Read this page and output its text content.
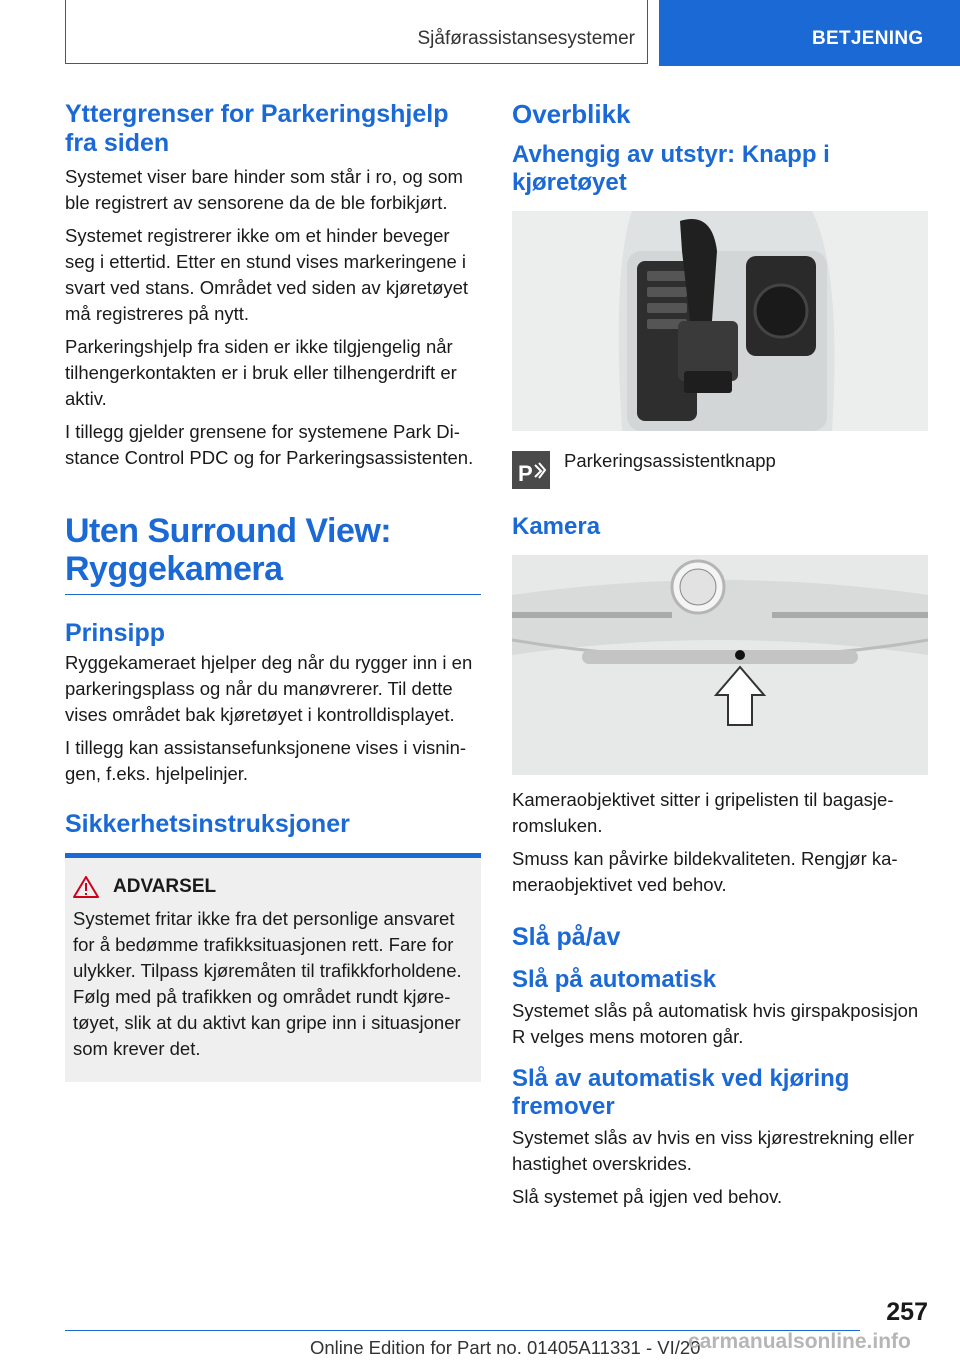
Sjåførassistansesystemer	BETJENING
Yttergrenser for Parkeringshjelp fra siden

Systemet viser bare hinder som står i ro, og som ble registrert av sensorene da de ble forbikjørt.

Systemet registrerer ikke om et hinder beveger seg i ettertid. Etter en stund vises markeringene i svart ved stans. Området ved siden av kjøretøyet må registreres på nytt.

Parkeringshjelp fra siden er ikke tilgjengelig når tilhengerkontakten er i bruk eller tilhengerdrift er aktiv.

I tillegg gjelder grensene for systemene Park Distance Control PDC og for Parkeringsassistenten.

Uten Surround View: Ryggekamera
Prinsipp

Ryggekameraet hjelper deg når du rygger inn i en parkeringsplass og når du manøvrerer. Til dette vises området bak kjøretøyet i kontrolldisplayet.

I tillegg kan assistansefunksjonene vises i visningen, f.eks. hjelpelinjer.

Sikkerhetsinstruksjoner
ADVARSEL

Systemet fritar ikke fra det personlige ansvaret for å bedømme trafikksituasjonen rett. Fare for ulykker. Tilpass kjøremåten til trafikkforholdene. Følg med på trafikken og området rundt kjøretøyet, slik at du aktivt kan gripe inn i situasjoner som krever det.

Overblikk
Avhengig av utstyr: Knapp i kjøretøyet
P
Parkeringsassistentknapp
Kamera

Kameraobjektivet sitter i gripelisten til bagasjeromsluken.

Smuss kan påvirke bildekvaliteten. Rengjør kameraobjektivet ved behov.

Slå på/av
Slå på automatisk

Systemet slås på automatisk hvis girspakposisjon R velges mens motoren går.

Slå av automatisk ved kjøring fremover

Systemet slås av hvis en viss kjørestrekning eller hastighet overskrides.

Slå systemet på igjen ved behov.

257
Online Edition for Part no. 01405A11331 - VI/20
carmanualsonline.info
